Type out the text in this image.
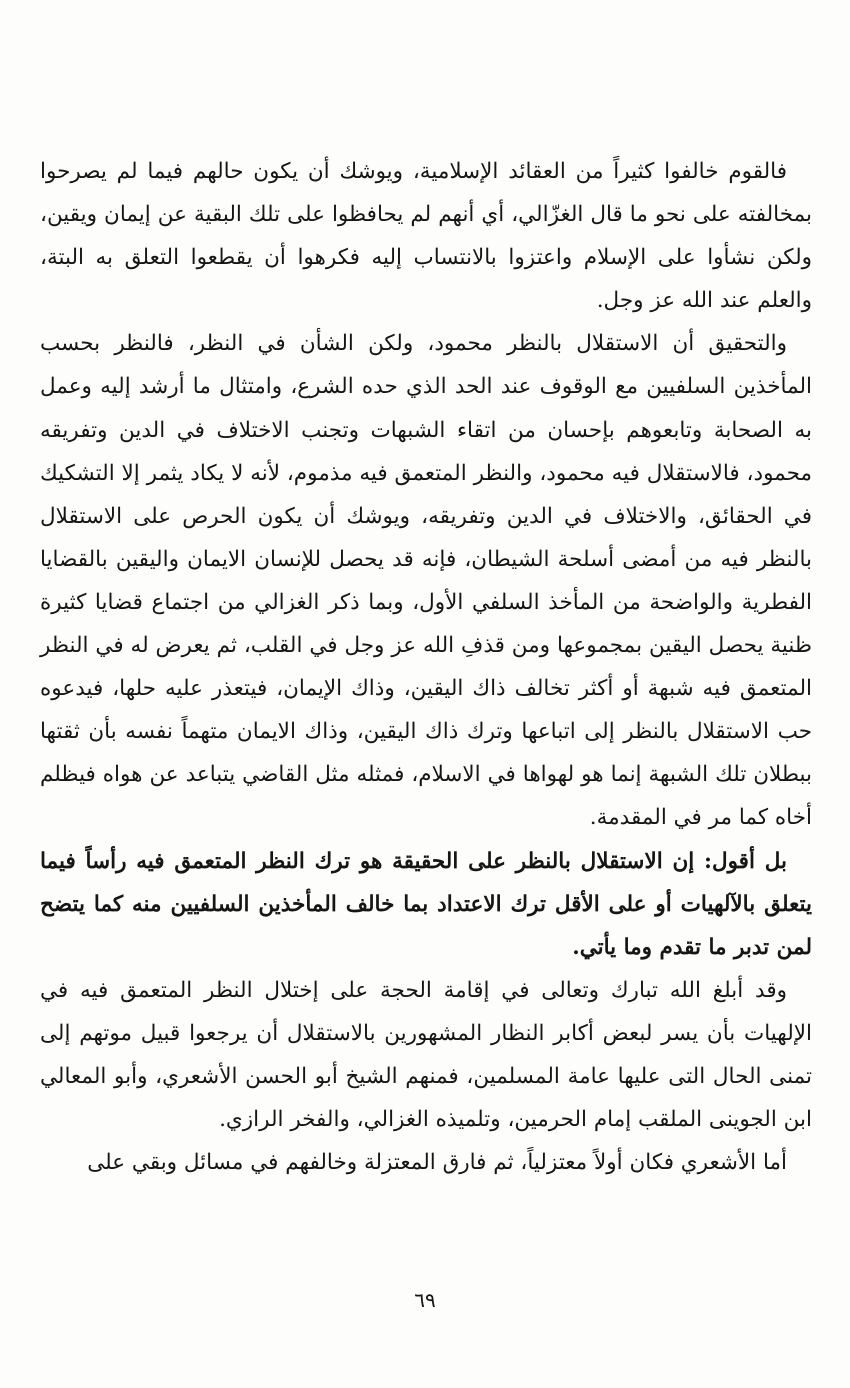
فالقوم خالفوا كثيراً من العقائد الإسلامية، ويوشك أن يكون حالهم فيما لم يصرحوا بمخالفته على نحو ما قال الغزّالي، أي أنهم لم يحافظوا على تلك البقية عن إيمان ويقين، ولكن نشأوا على الإسلام واعتزوا بالانتساب إليه فكرهوا أن يقطعوا التعلق به البتة، والعلم عند الله عز وجل.

والتحقيق أن الاستقلال بالنظر محمود، ولكن الشأن في النظر، فالنظر بحسب المأخذين السلفيين مع الوقوف عند الحد الذي حده الشرع، وامتثال ما أرشد إليه وعمل به الصحابة وتابعوهم بإحسان من اتقاء الشبهات وتجنب الاختلاف في الدين وتفريقه محمود، فالاستقلال فيه محمود، والنظر المتعمق فيه مذموم، لأنه لا يكاد يثمر إلا التشكيك في الحقائق، والاختلاف في الدين وتفريقه، ويوشك أن يكون الحرص على الاستقلال بالنظر فيه من أمضى أسلحة الشيطان، فإنه قد يحصل للإنسان الايمان واليقين بالقضايا الفطرية والواضحة من المأخذ السلفي الأول، وبما ذكر الغزالي من اجتماع قضايا كثيرة ظنية يحصل اليقين بمجموعها ومن قذفِ الله عز وجل في القلب، ثم يعرض له في النظر المتعمق فيه شبهة أو أكثر تخالف ذاك اليقين، وذاك الإيمان، فيتعذر عليه حلها، فيدعوه حب الاستقلال بالنظر إلى اتباعها وترك ذاك اليقين، وذاك الايمان متهماً نفسه بأن ثقتها ببطلان تلك الشبهة إنما هو لهواها في الاسلام، فمثله مثل القاضي يتباعد عن هواه فيظلم أخاه كما مر في المقدمة.

بل أقول: إن الاستقلال بالنظر على الحقيقة هو ترك النظر المتعمق فيه رأساً فيما يتعلق بالآلهيات أو على الأقل ترك الاعتداد بما خالف المأخذين السلفيين منه كما يتضح لمن تدبر ما تقدم وما يأتي.

وقد أبلغ الله تبارك وتعالى في إقامة الحجة على إختلال النظر المتعمق فيه في الإلهيات بأن يسر لبعض أكابر النظار المشهورين بالاستقلال أن يرجعوا قبيل موتهم إلى تمنى الحال التى عليها عامة المسلمين، فمنهم الشيخ أبو الحسن الأشعري، وأبو المعالي ابن الجوينى الملقب إمام الحرمين، وتلميذه الغزالي، والفخر الرازي.

أما الأشعري فكان أولاً معتزلياً، ثم فارق المعتزلة وخالفهم في مسائل وبقي على

٦٩
